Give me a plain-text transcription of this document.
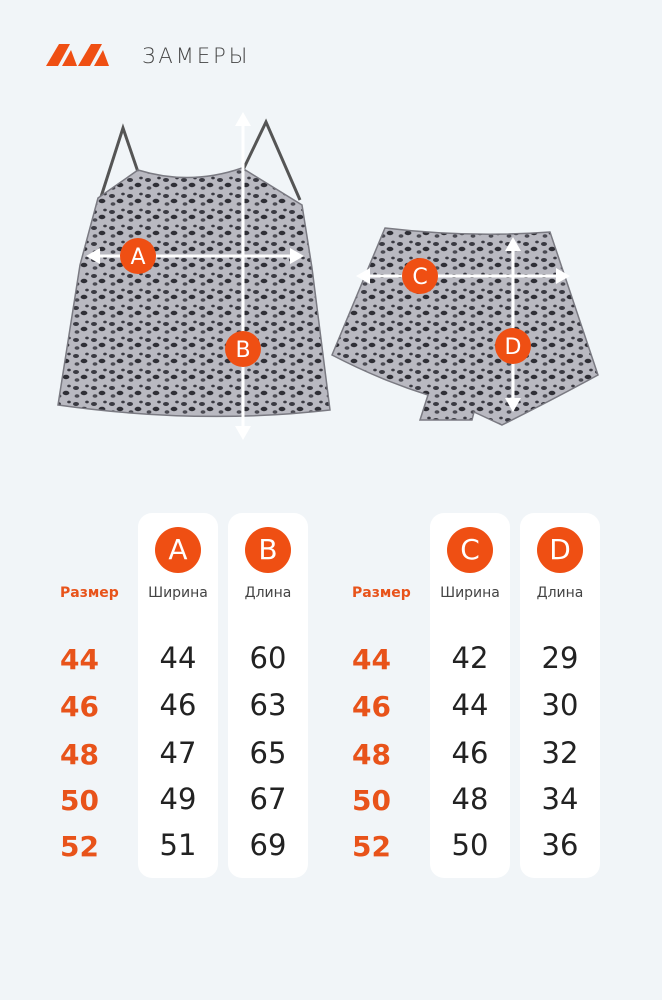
ЗАМЕРЫ
A
B
C
D
Размер
44
46
48
50
52
A
Ширина
44
46
47
49
51
B
Длина
60
63
65
67
69
Размер
44
46
48
50
52
C
Ширина
42
44
46
48
50
D
Длина
29
30
32
34
36
